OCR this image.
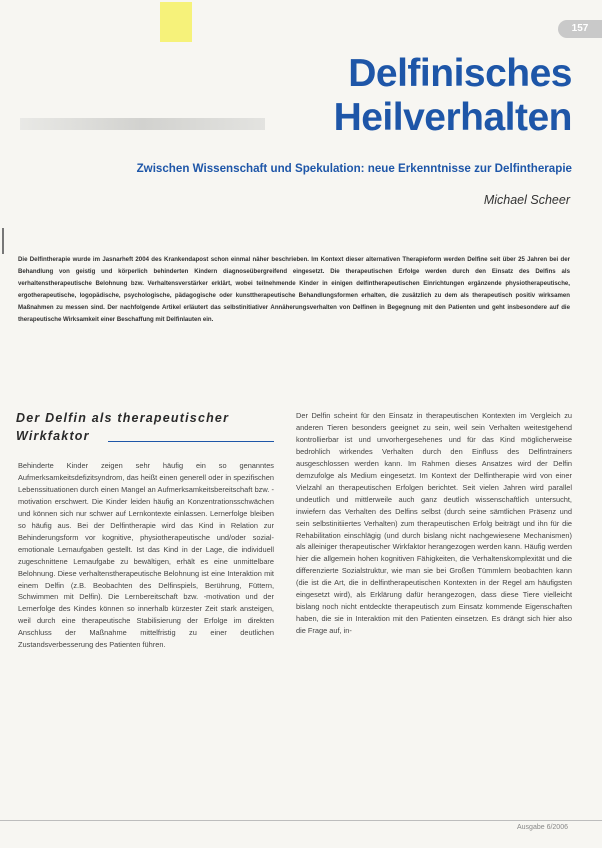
157
Delfinisches
Heilverhalten
Zwischen Wissenschaft und Spekulation: neue Erkenntnisse zur Delfintherapie
Michael Scheer

Die Delfintherapie wurde im Jasnarheft 2004 des Krankendapost schon einmal näher beschrieben. Im Kontext dieser alternativen Therapieform werden Delfine seit über 25 Jahren bei der Behandlung von geistig und körperlich behinderten Kindern diagnoseübergreifend eingesetzt. Die therapeutischen Erfolge werden durch den Einsatz des Delfins als verhaltenstherapeutische Belohnung bzw. Verhaltensverstärker erklärt, wobei teilnehmende Kinder in einigen delfintherapeutischen Einrichtungen ergänzende physiotherapeutische, ergotherapeutische, logopädische, psychologische, pädagogische oder kunsttherapeutische Behandlungsformen erhalten, die zusätzlich zu dem als therapeutisch positiv wirksamen Maßnahmen zu messen sind. Der nachfolgende Artikel erläutert das selbstinitiativer Annäherungsverhalten von Delfinen in Begegnung mit den Patienten und geht insbesondere auf die therapeutische Wirksamkeit einer Beschaffung mit Delfinlauten ein.

Der Delfin als therapeutischer Wirkfaktor

Behinderte Kinder zeigen sehr häufig ein so genanntes Aufmerksamkeitsdefizitsyndrom, das heißt einen generell oder in spezifischen Lebenssituationen durch einen Mangel an Aufmerksamkeitsbereitschaft bzw. -motivation erschwert. Die Kinder leiden häufig an Konzentrationsschwächen und können sich nur schwer auf Lernkontexte einlassen. Lernerfolge bleiben so häufig aus. Bei der Delfintherapie wird das Kind in Relation zur Behinderungsform vor kognitive, physiotherapeutische und/oder sozial-emotionale Lernaufgaben gestellt. Ist das Kind in der Lage, die individuell zugeschnittene Lernaufgabe zu bewältigen, erhält es eine unmittelbare Belohnung. Diese verhaltenstherapeutische Belohnung ist eine Interaktion mit einem Delfin (z.B. Beobachten des Delfinspiels, Berührung, Füttern, Schwimmen mit Delfin). Die Lernbereitschaft bzw. -motivation und der Lernerfolge des Kindes können so innerhalb kürzester Zeit stark ansteigen, weil durch eine therapeutische Stabilisierung der Erfolge im direkten Anschluss der Maßnahme mittelfristig zu einer deutlichen Zustandsverbesserung des Patienten führen.

Der Delfin scheint für den Einsatz in therapeutischen Kontexten im Vergleich zu anderen Tieren besonders geeignet zu sein, weil sein Verhalten weitestgehend kontrollierbar ist und unvorhergesehenes und für das Kind möglicherweise bedrohlich wirkendes Verhalten durch den Einfluss des Delfintrainers ausgeschlossen werden kann. Im Rahmen dieses Ansatzes wird der Delfin demzufolge als Medium eingesetzt. Im Kontext der Delfintherapie wird von einer Vielzahl an therapeutischen Erfolgen berichtet. Seit vielen Jahren wird parallel undeutlich und mittlerweile auch ganz deutlich wissenschaftlich untersucht, inwiefern das Verhalten des Delfins selbst (durch seine sämtlichen Präsenz und sein selbstinitiiertes Verhalten) zum therapeutischen Erfolg beiträgt und ihn für die Rehabilitation einschlägig (und durch bislang nicht nachgewiesene Mechanismen) als alleiniger therapeutischer Wirkfaktor herangezogen werden kann. Häufig werden hier die allgemein hohen kognitiven Fähigkeiten, die Verhaltenskomplexität und die differenzierte Sozialstruktur, wie man sie bei Großen Tümmlern beobachten kann (die ist die Art, die in delfintherapeutischen Kontexten in der Regel am häufigsten eingesetzt wird), als Erklärung dafür herangezogen, dass diese Tiere vielleicht bislang noch nicht entdeckte therapeutisch zum Einsatz kommende Eigenschaften haben, die sie in Interaktion mit den Patienten einsetzen. Es drängt sich hier also die Frage auf, in-

Ausgabe 6/2006
